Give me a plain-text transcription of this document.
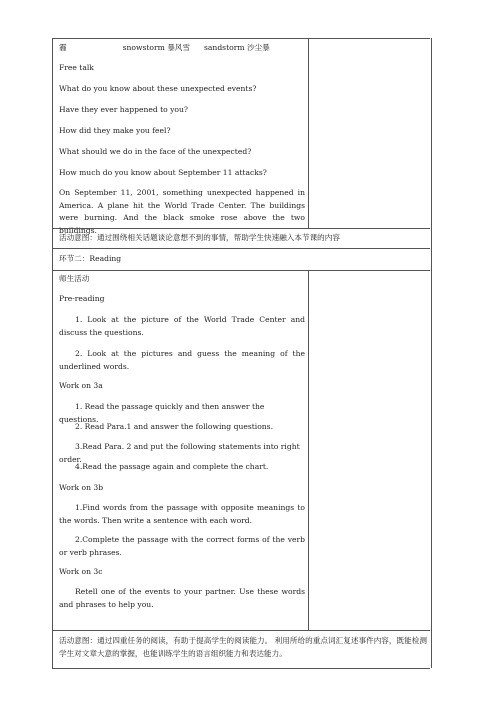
霾	snowstorm 暴风雪 sandstorm 沙尘暴
Free talk
What do you know about these unexpected events?
Have they ever happened to you?
How did they make you feel?
What should we do in the face of the unexpected?
How much do you know about September 11 attacks?
On September 11, 2001, something unexpected happened in America. A plane hit the World Trade Center. The buildings were burning. And the black smoke rose above the two buildings.
活动意图：通过围绕相关话题谈论意想不到的事情，帮助学生快速融入本节课的内容
环节二：Reading
师生活动
Pre-reading
1. Look at the picture of the World Trade Center and discuss the questions.
2. Look at the pictures and guess the meaning of the underlined words.
Work on 3a
1. Read the passage quickly and then answer the questions.
2. Read Para.1 and answer the following questions.
3.Read Para. 2 and put the following statements into right order.
4.Read the passage again and complete the chart.
Work on 3b
1.Find words from the passage with opposite meanings to the words. Then write a sentence with each word.
2.Complete the passage with the correct forms of the verb or verb phrases.
Work on 3c
Retell one of the events to your partner. Use these words and phrases to help you.
活动意图：通过四重任务的阅读，有助于提高学生的阅读能力。 利用所给的重点词汇复述事件内容，既能检测学生对文章大意的掌握，也能训练学生的语言组织能力和表达能力。
